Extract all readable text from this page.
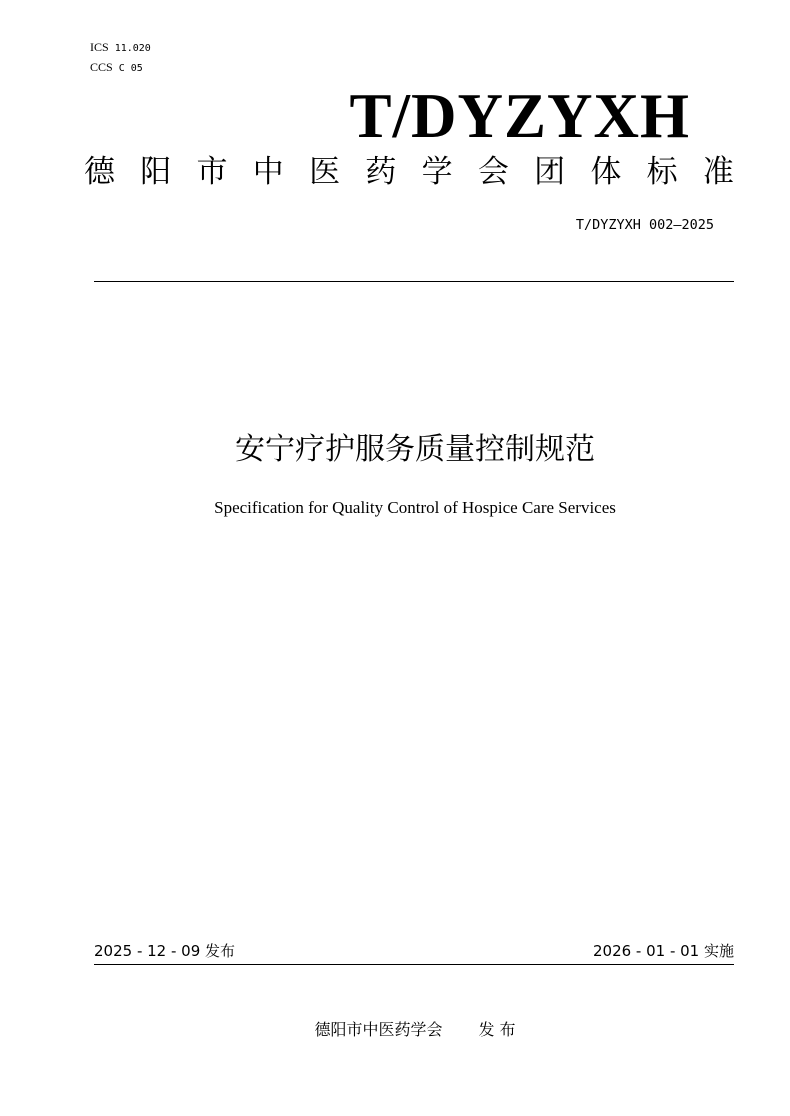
ICS 11.020
CCS C 05
T/DYZYXH
德 阳 市 中 医 药 学 会 团 体 标 准
T/DYZYXH 002—2025
安宁疗护服务质量控制规范
Specification for Quality Control of Hospice Care Services
2025 - 12 - 09 发布	2026 - 01 - 01 实施
德阳市中医药学会 发 布
